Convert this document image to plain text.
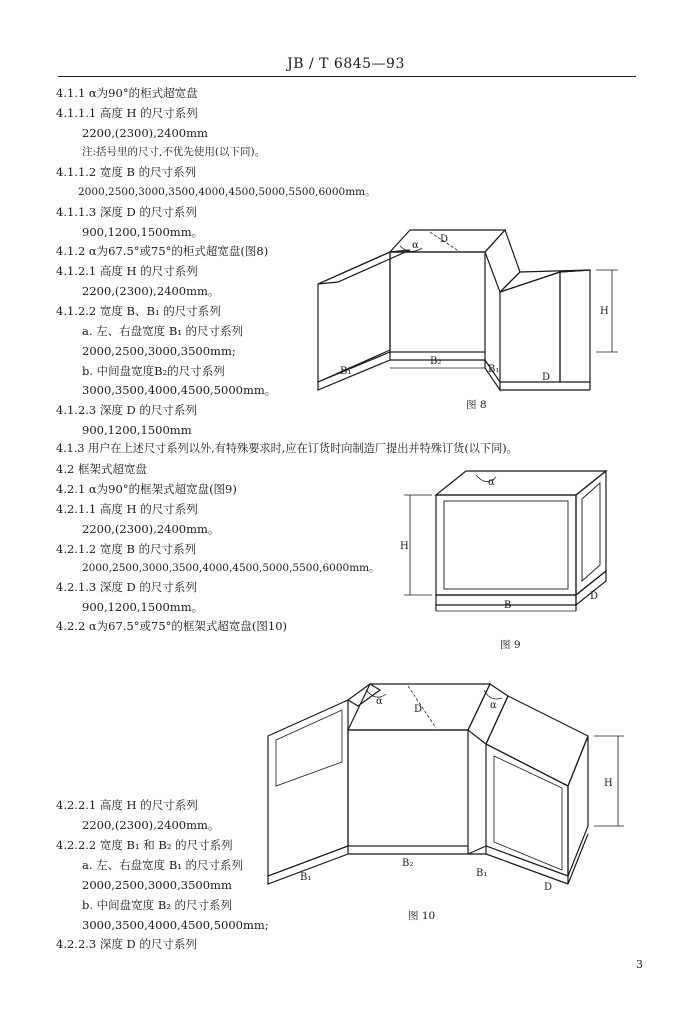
JB / T 6845—93
4.1.1 α为90°的柜式超宽盘
4.1.1.1 高度 H 的尺寸系列
2200,(2300),2400mm
注:括号里的尺寸,不优先使用(以下同)。
4.1.1.2 宽度 B 的尺寸系列
2000,2500,3000,3500,4000,4500,5000,5500,6000mm。
4.1.1.3 深度 D 的尺寸系列
900,1200,1500mm。
4.1.2 α为67.5°或75°的柜式超宽盘(图8)
4.1.2.1 高度 H 的尺寸系列
2200,(2300),2400mm。
4.1.2.2 宽度 B、B₁ 的尺寸系列
a. 左、右盘宽度 B₁ 的尺寸系列
2000,2500,3000,3500mm;
b. 中间盘宽度B₂的尺寸系列
3000,3500,4000,4500,5000mm。
4.1.2.3 深度 D 的尺寸系列
900,1200,1500mm
4.1.3 用户在上述尺寸系列以外,有特殊要求时,应在订货时向制造厂提出并特殊订货(以下同)。
4.2 框架式超宽盘
4.2.1 α为90°的框架式超宽盘(图9)
4.2.1.1 高度 H 的尺寸系列
2200,(2300),2400mm。
4.2.1.2 宽度 B 的尺寸系列
2000,2500,3000,3500,4000,4500,5000,5500,6000mm。
4.2.1.3 深度 D 的尺寸系列
900,1200,1500mm。
4.2.2 α为67.5°或75°的框架式超宽盘(图10)
4.2.2.1 高度 H 的尺寸系列
2200,(2300),2400mm。
4.2.2.2 宽度 B₁ 和 B₂ 的尺寸系列
a. 左、右盘宽度 B₁ 的尺寸系列
2000,2500,3000,3500mm
b. 中间盘宽度 B₂ 的尺寸系列
3000,3500,4000,4500,5000mm;
4.2.2.3 深度 D 的尺寸系列
α
D
H
B₁
B₂
B₁
D
图 8
α
H
B
D
图 9
α	α
D
H
B₁
B₂
B₁
D
图 10
3
